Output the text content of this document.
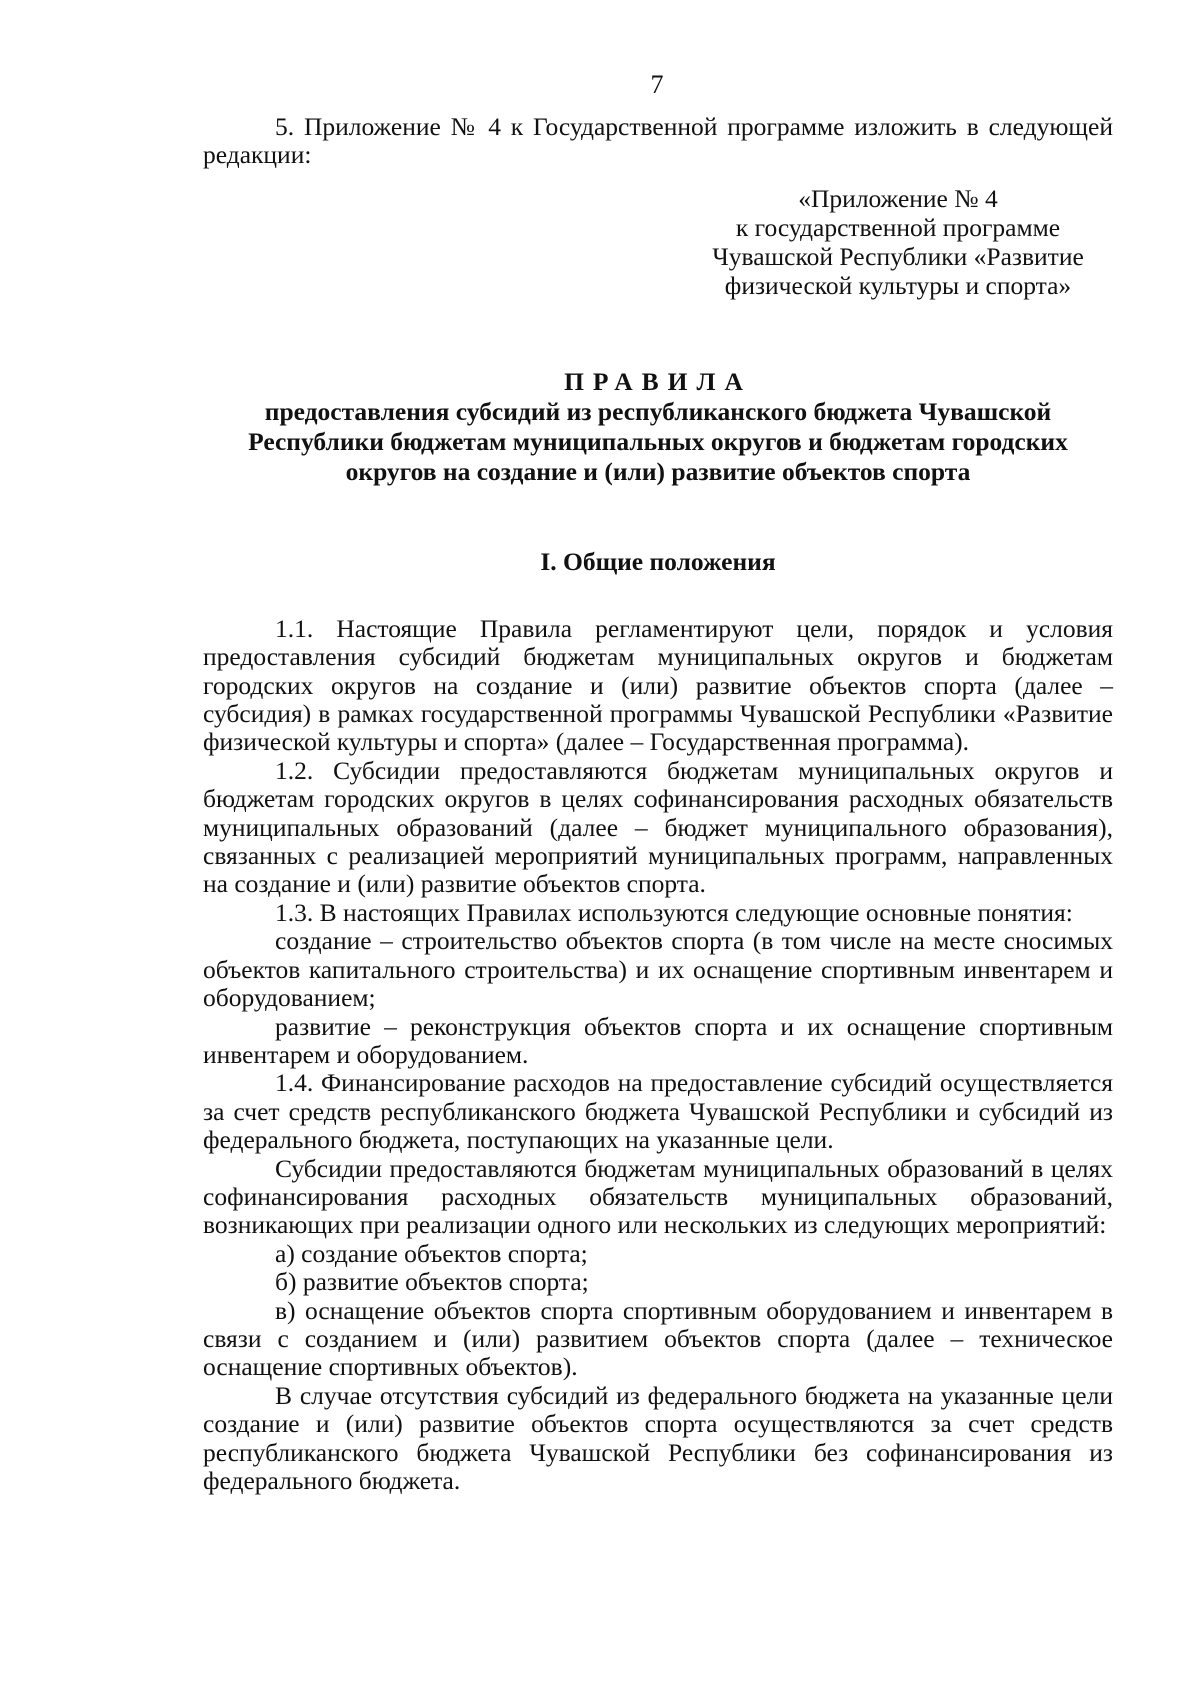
7

5. Приложение № 4 к Государственной программе изложить в следующей редакции:

«Приложение № 4
к государственной программе
Чувашской Республики «Развитие
физической культуры и спорта»
ПРАВИЛА
предоставления субсидий из республиканского бюджета Чувашской
Республики бюджетам муниципальных округов и бюджетам городских
округов на создание и (или) развитие объектов спорта
I. Общие положения

1.1. Настоящие Правила регламентируют цели, порядок и условия предоставления субсидий бюджетам муниципальных округов и бюджетам городских округов на создание и (или) развитие объектов спорта (далее – субсидия) в рамках государственной программы Чувашской Республики «Развитие физической культуры и спорта» (далее – Государственная программа).

1.2. Субсидии предоставляются бюджетам муниципальных округов и бюджетам городских округов в целях софинансирования расходных обязательств муниципальных образований (далее – бюджет муниципального образования), связанных с реализацией мероприятий муниципальных программ, направленных на создание и (или) развитие объектов спорта.

1.3. В настоящих Правилах используются следующие основные понятия:

создание – строительство объектов спорта (в том числе на месте сносимых объектов капитального строительства) и их оснащение спортивным инвентарем и оборудованием;

развитие – реконструкция объектов спорта и их оснащение спортивным инвентарем и оборудованием.

1.4. Финансирование расходов на предоставление субсидий осуществляется за счет средств республиканского бюджета Чувашской Республики и субсидий из федерального бюджета, поступающих на указанные цели.

Субсидии предоставляются бюджетам муниципальных образований в целях софинансирования расходных обязательств муниципальных образований, возникающих при реализации одного или нескольких из следующих мероприятий:

а) создание объектов спорта;

б) развитие объектов спорта;

в) оснащение объектов спорта спортивным оборудованием и инвентарем в связи с созданием и (или) развитием объектов спорта (далее – техническое оснащение спортивных объектов).

В случае отсутствия субсидий из федерального бюджета на указанные цели создание и (или) развитие объектов спорта осуществляются за счет средств республиканского бюджета Чувашской Республики без софинансирования из федерального бюджета.
